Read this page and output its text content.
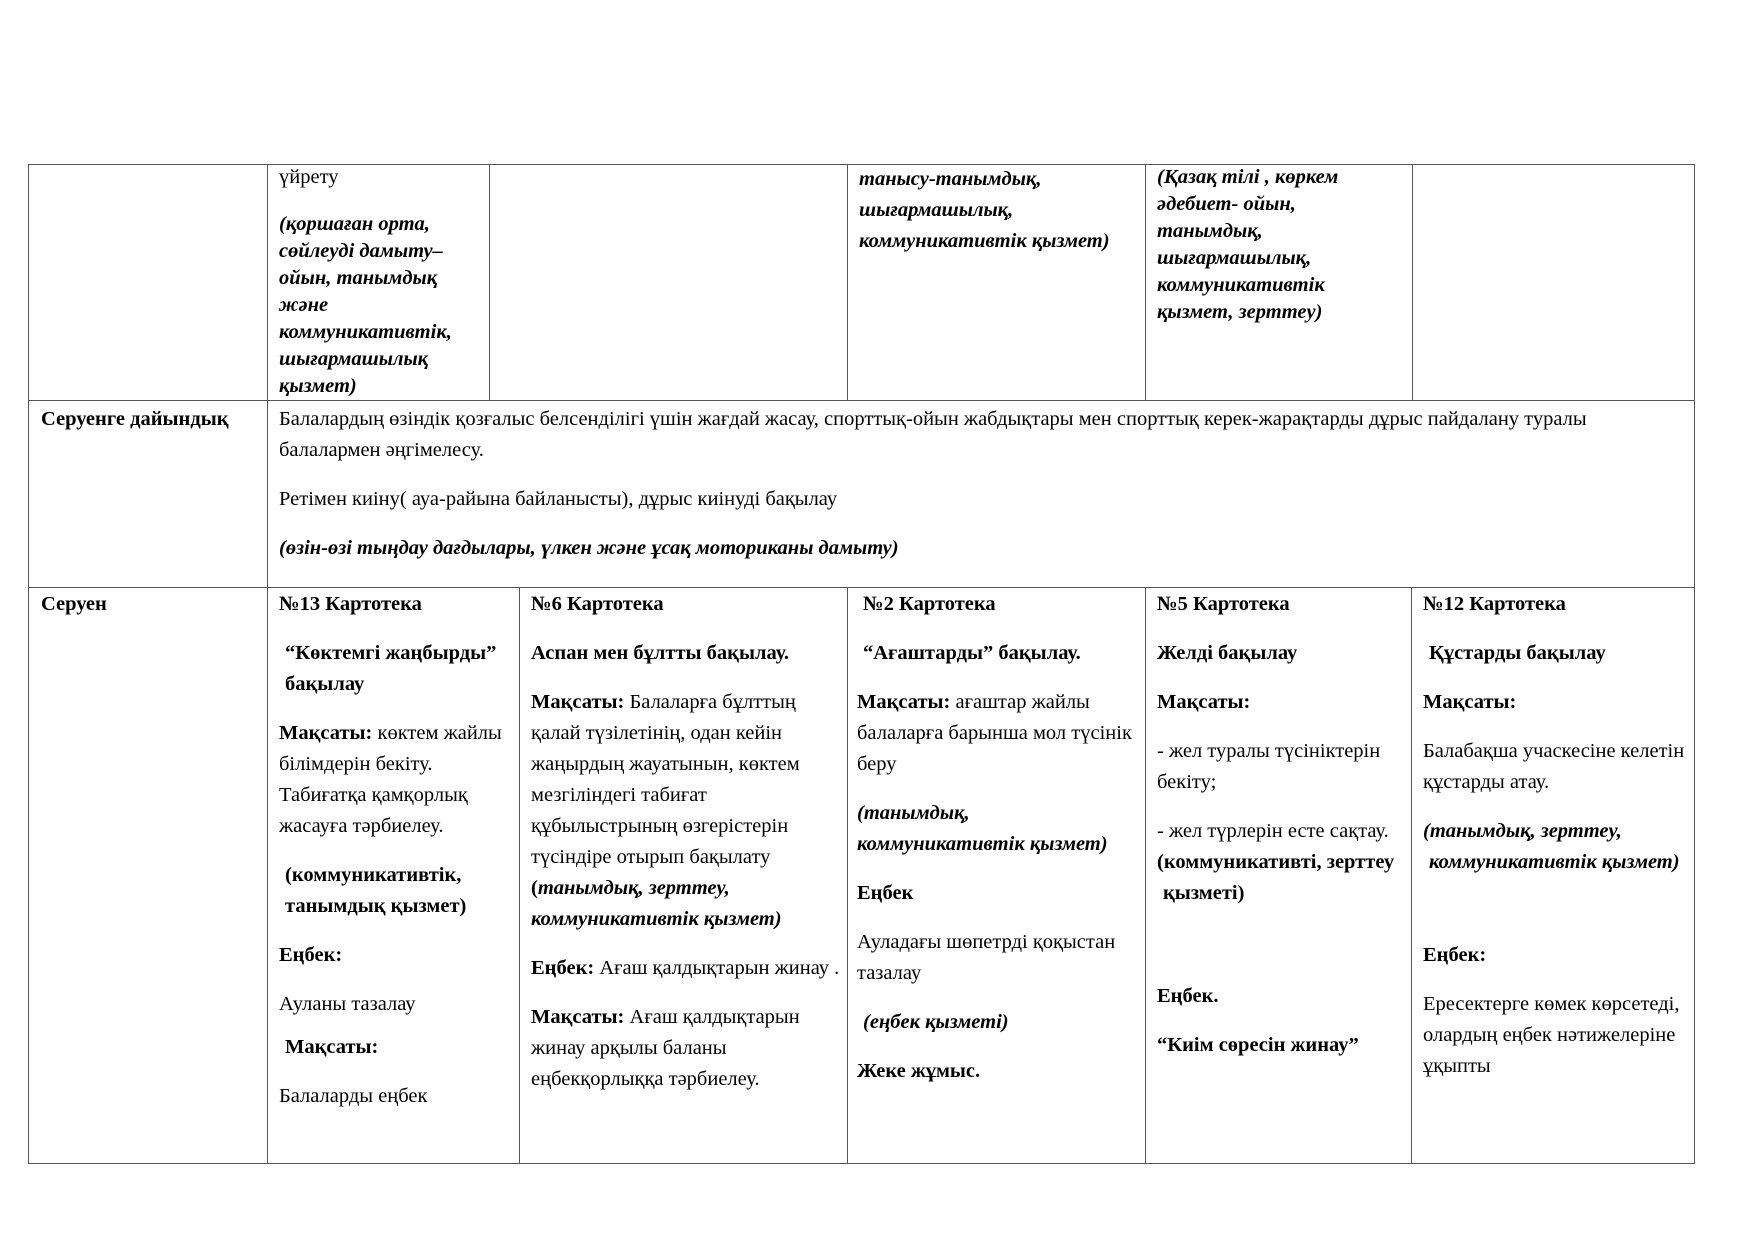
үйрету

(қоршаған орта, сөйлеуді дамыту–ойын, танымдық және коммуникативтік, шығармашылық қызмет)

танысу-танымдық, шығармашылық, коммуникативтік қызмет)

(Қазақ тілі , көркем әдебиет- ойын, танымдық, шығармашылық, коммуникативтік қызмет, зерттеу)

Серуенге дайындық	Балалардың өзіндік қозғалыс белсенділігі үшін жағдай жасау, спорттық-ойын жабдықтары мен спорттық керек-жарақтарды дұрыс пайдалану туралы балалармен әңгімелесу.

Ретімен киіну( ауа-райына байланысты), дұрыс киінуді бақылау

(өзін-өзі тыңдау дағдылары, үлкен және ұсақ моториканы дамыту)

Серуен	№13 Картотека

“Көктемгі жаңбырды” бақылау

Мақсаты: көктем жайлы білімдерін бекіту. Табиғатқа қамқорлық жасауға тәрбиелеу.

(коммуникативтік, танымдық қызмет)

Еңбек:

Ауланы тазалау

Мақсаты:

Балаларды еңбек

№6 Картотека

Аспан мен бұлтты бақылау.

Мақсаты: Балаларға бұлттың қалай түзілетінің, одан кейін жаңырдың жауатынын, көктем мезгіліндегі табиғат құбылыстрының өзгерістерін түсіндіре отырып бақылату (танымдық, зерттеу, коммуникативтік қызмет)

Еңбек: Ағаш қалдықтарын жинау .

Мақсаты: Ағаш қалдықтарын жинау арқылы баланы еңбекқорлыққа тәрбиелеу.

№2 Картотека

“Ағаштарды” бақылау.

Мақсаты: ағаштар жайлы балаларға барынша мол түсінік беру

(танымдық, коммуникативтік қызмет)

Еңбек

Ауладағы шөпетрді қоқыстан тазалау

(еңбек қызметі)

Жеке жұмыс.

№5 Картотека

Желді бақылау

Мақсаты:

- жел туралы түсініктерін бекіту;

- жел түрлерін есте сақтау.

(коммуникативті, зерттеу қызметі)

Еңбек.

“Киім сөресін жинау”

№12 Картотека

Құстарды бақылау

Мақсаты:

Балабақша учаскесіне келетін құстарды атау.

(танымдық, зерттеу, коммуникативтік қызмет)

Еңбек:

Ересектерге көмек көрсетеді, олардың еңбек нәтижелеріне ұқыпты
